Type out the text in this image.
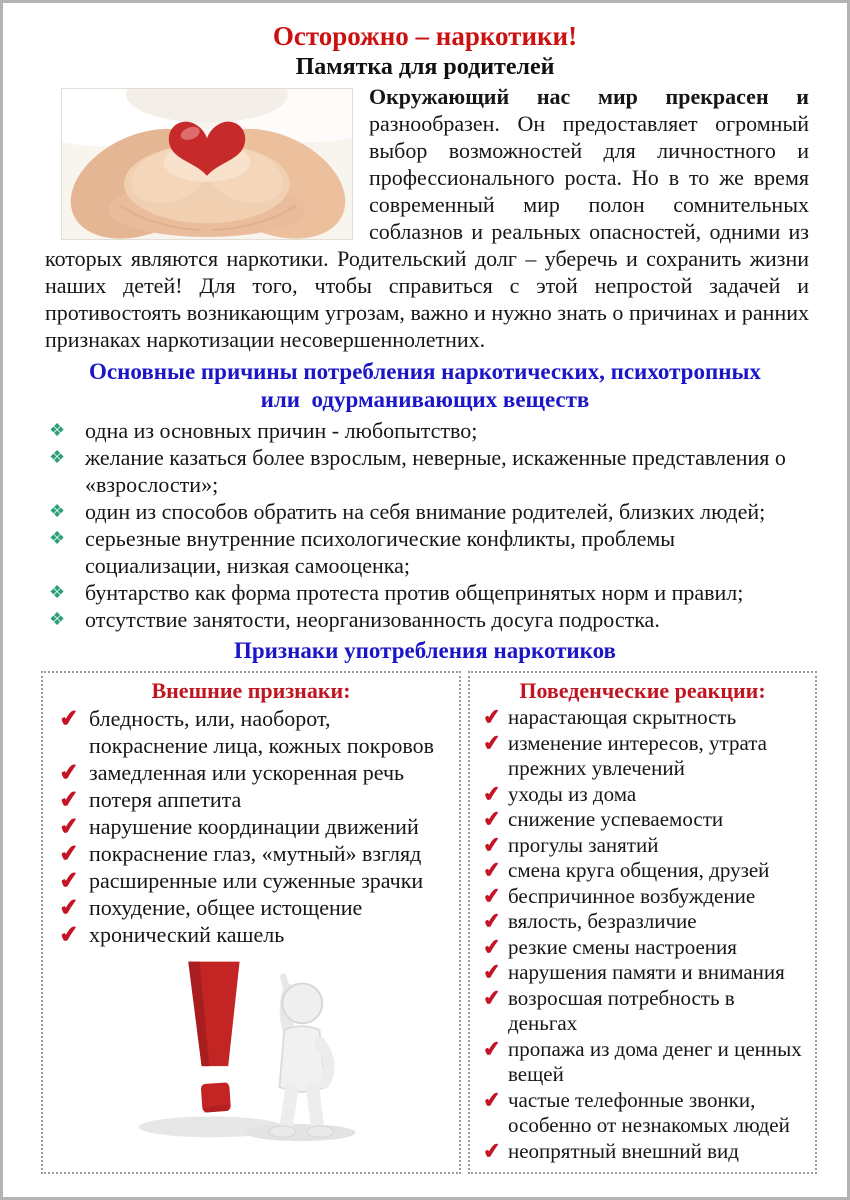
Осторожно – наркотики!
Памятка для родителей

Окружающий нас мир прекрасен и разнообразен. Он предоставляет огромный выбор возможностей для личностного и профессионального роста. Но в то же время современный мир полон сомнительных соблазнов и реальных опасностей, одними из которых являются наркотики. Родительский долг – уберечь и сохранить жизни наших детей! Для того, чтобы справиться с этой непростой задачей и противостоять возникающим угрозам, важно и нужно знать о причинах и ранних признаках наркотизации несовершеннолетних.

Основные причины потребления наркотических, психотропных
или  одурманивающих веществ
❖ одна из основных причин - любопытство;
❖ желание казаться более взрослым, неверные, искаженные представления о «взрослости»;
❖ один из способов обратить на себя внимание родителей, близких людей;
❖ серьезные внутренние психологические конфликты, проблемы социализации, низкая самооценка;
❖ бунтарство как форма протеста против общепринятых норм и правил;
❖ отсутствие занятости, неорганизованность досуга подростка.
Признаки употребления наркотиков
Внешние признаки:
✔ бледность, или, наоборот, покраснение лица, кожных покровов
✔ замедленная или ускоренная речь
✔ потеря аппетита
✔ нарушение координации движений
✔ покраснение глаз, «мутный» взгляд
✔ расширенные или суженные зрачки
✔ похудение, общее истощение
✔ хронический кашель
Поведенческие реакции:
✔ нарастающая скрытность
✔ изменение интересов, утрата прежних увлечений
✔ уходы из дома
✔ снижение успеваемости
✔ прогулы занятий
✔ смена круга общения, друзей
✔ беспричинное возбуждение
✔ вялость, безразличие
✔ резкие смены настроения
✔ нарушения памяти и внимания
✔ возросшая потребность в деньгах
✔ пропажа из дома денег и ценных вещей
✔ частые телефонные звонки, особенно от незнакомых людей
✔ неопрятный внешний вид
